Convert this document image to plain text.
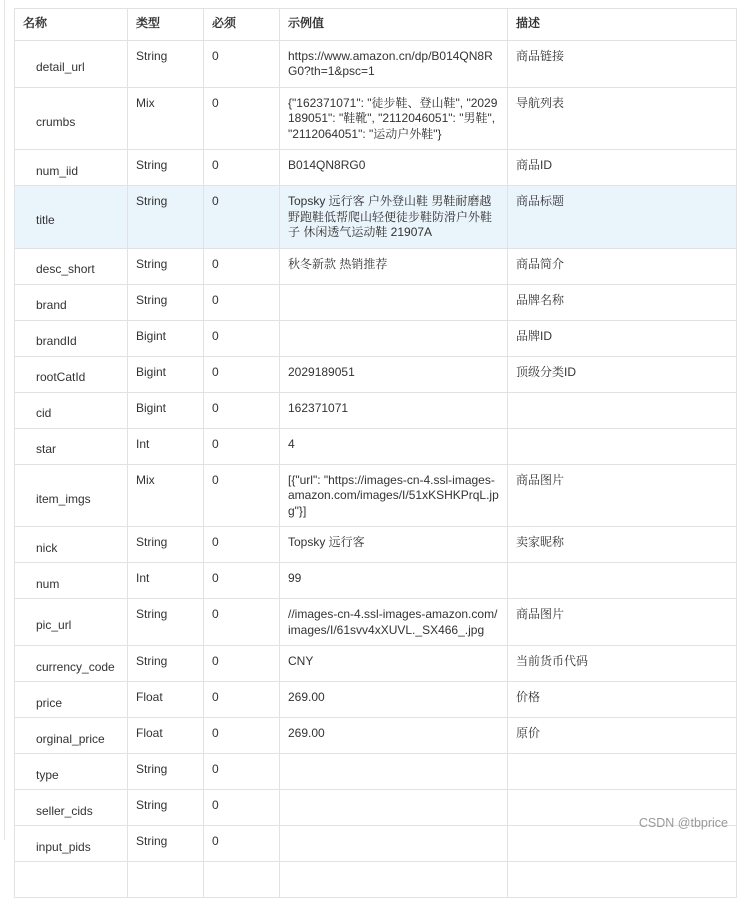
名称	类型	必须	示例值	描述
detail_url	String	0	https://www.amazon.cn/dp/B014QN8RG0?th=1&psc=1	商品链接
crumbs	Mix	0	{"162371071": "徒步鞋、登山鞋", "2029189051": "鞋靴", "2112046051": "男鞋", "2112064051": "运动户外鞋"}	导航列表
num_iid	String	0	B014QN8RG0	商品ID
title	String	0	Topsky 远行客 户外登山鞋 男鞋耐磨越野跑鞋低帮爬山轻便徒步鞋防滑户外鞋子 休闲透气运动鞋 21907A	商品标题
desc_short	String	0	秋冬新款 热销推荐	商品简介
brand	String	0		品牌名称
brandId	Bigint	0		品牌ID
rootCatId	Bigint	0	2029189051	顶级分类ID
cid	Bigint	0	162371071	
star	Int	0	4	
item_imgs	Mix	0	[{"url": "https://images-cn-4.ssl-images-amazon.com/images/I/51xKSHKPrqL.jpg"}]	商品图片
nick	String	0	Topsky 远行客	卖家昵称
num	Int	0	99	
pic_url	String	0	//images-cn-4.ssl-images-amazon.com/images/I/61svv4xXUVL._SX466_.jpg	商品图片
currency_code	String	0	CNY	当前货币代码
price	Float	0	269.00	价格
orginal_price	Float	0	269.00	原价
type	String	0		
seller_cids	String	0		
input_pids	String	0		

CSDN @tbprice
